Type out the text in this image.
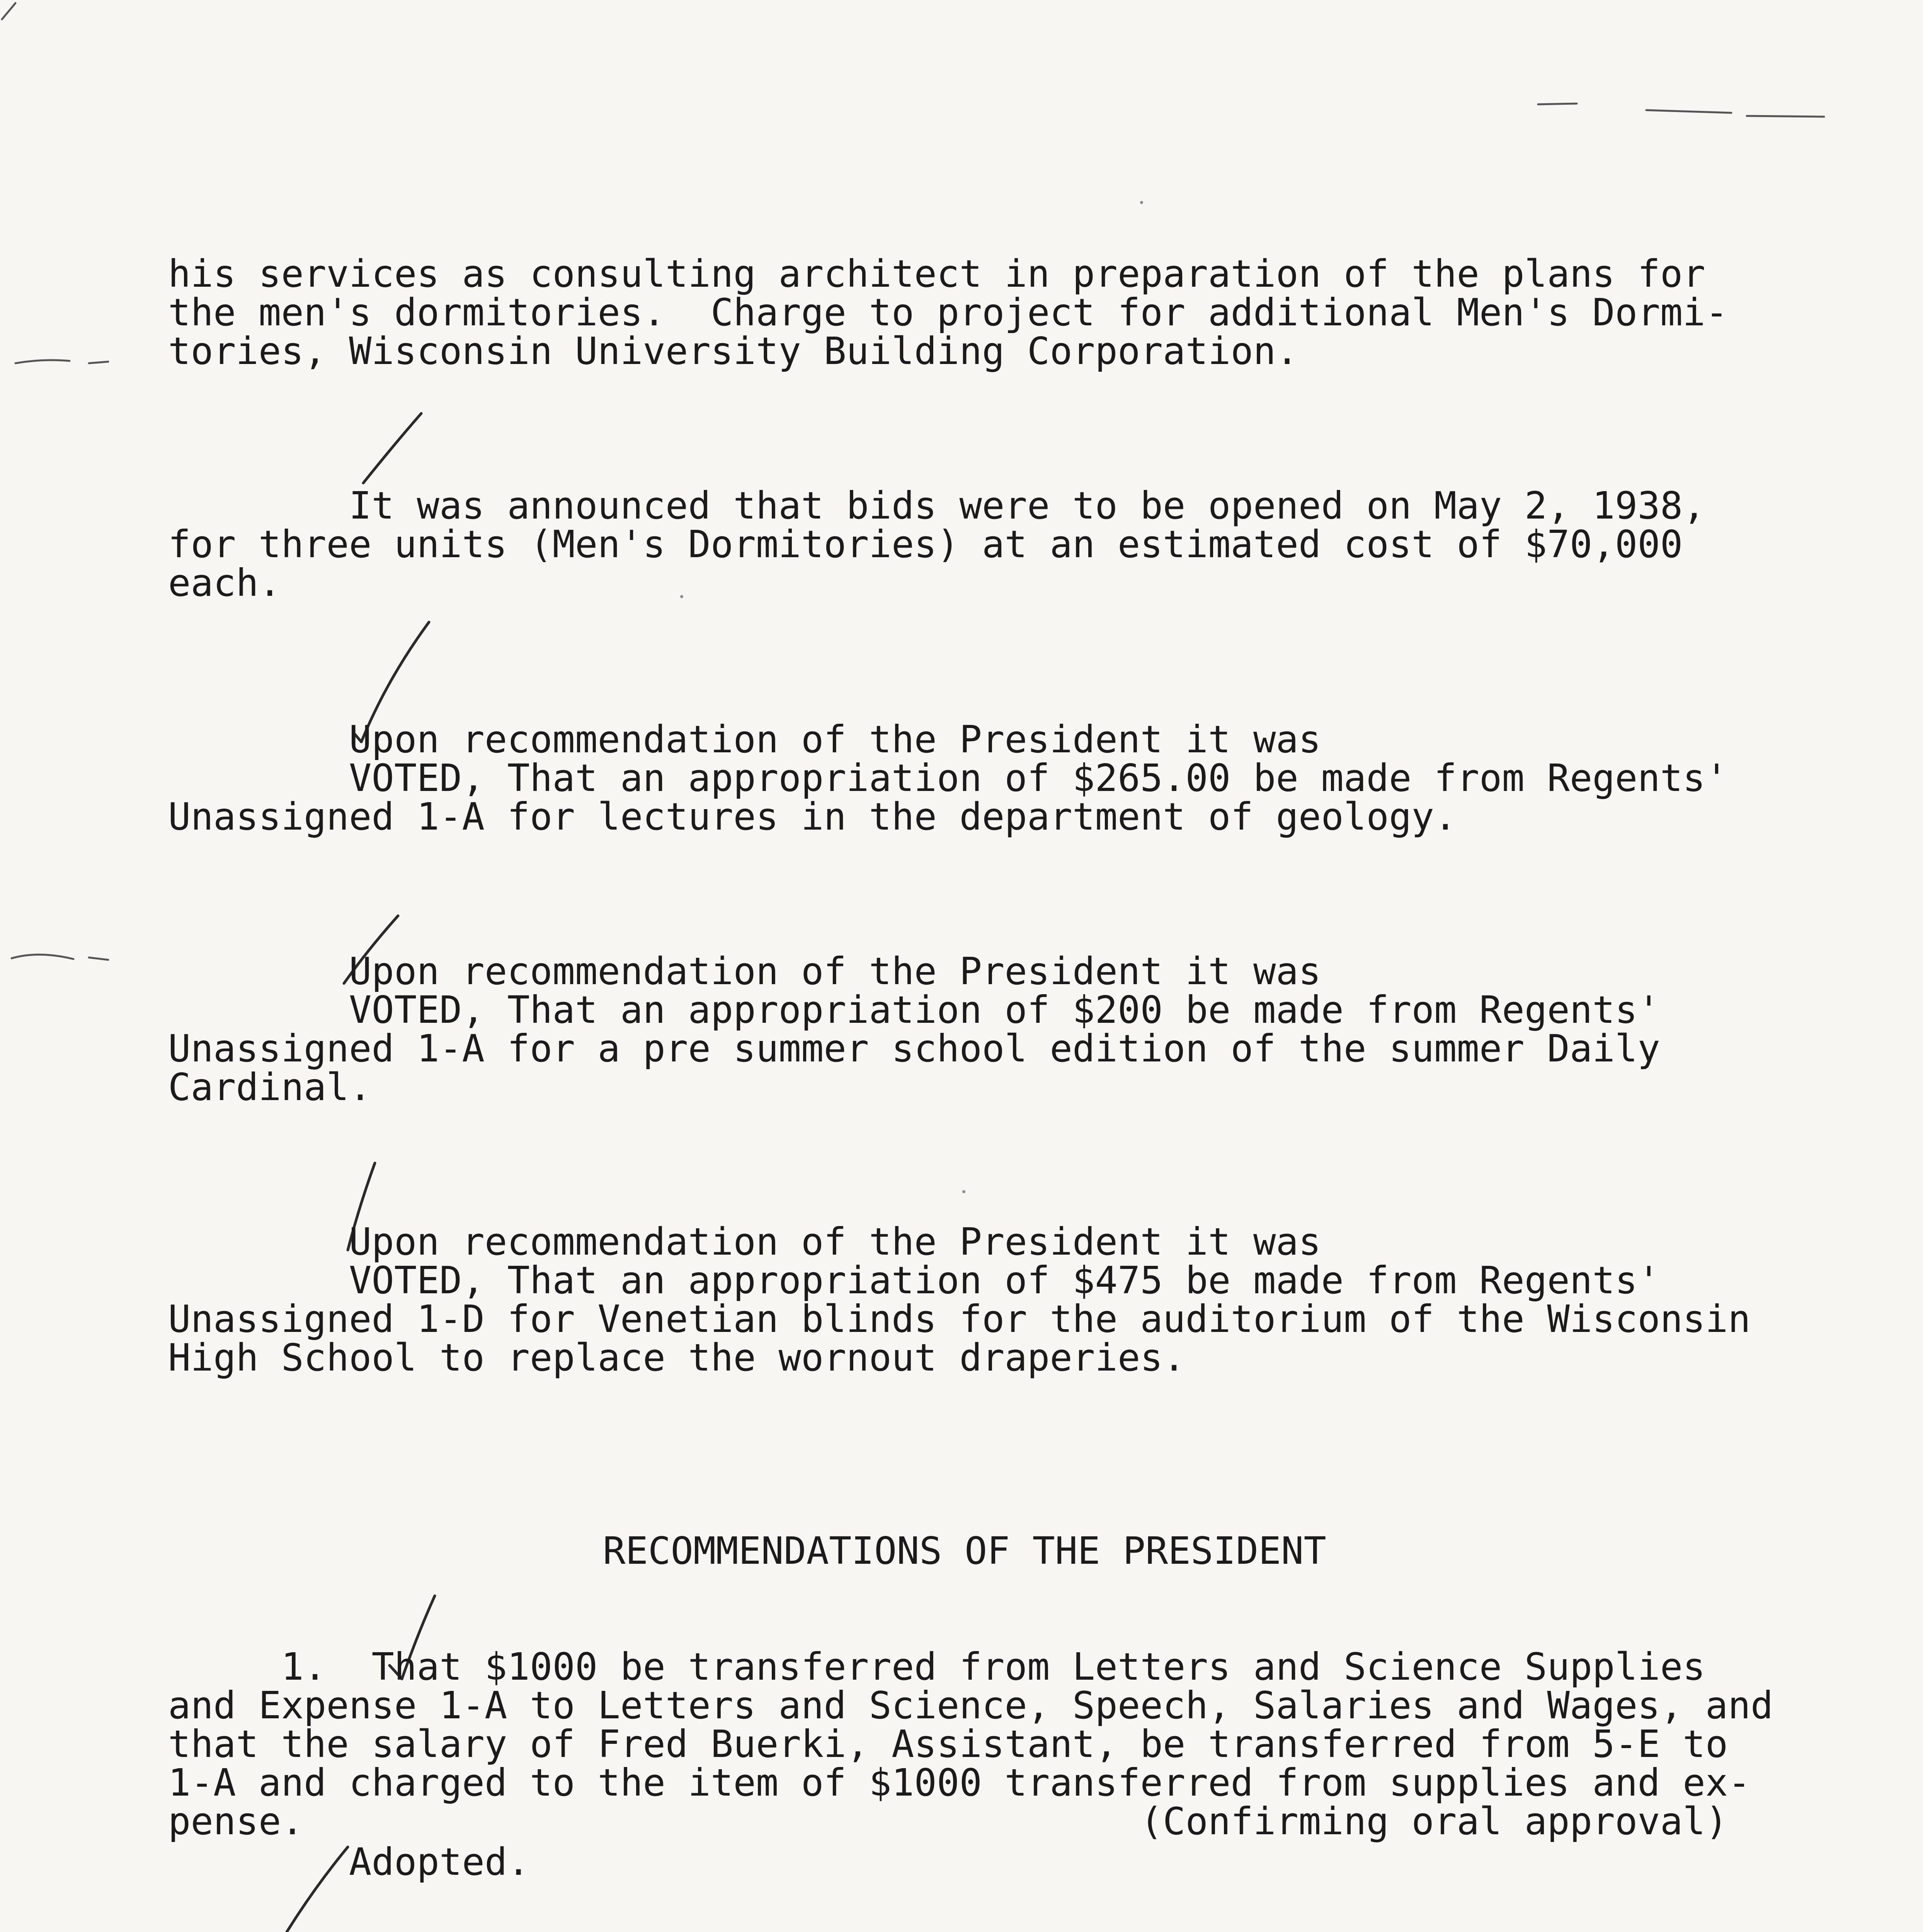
his services as consulting architect in preparation of the plans for
the men's dormitories.  Charge to project for additional Men's Dormi-
tories, Wisconsin University Building Corporation.
It was announced that bids were to be opened on May 2, 1938,
for three units (Men's Dormitories) at an estimated cost of $70,000
each.
Upon recommendation of the President it was
VOTED, That an appropriation of $265.00 be made from Regents'
Unassigned 1-A for lectures in the department of geology.
Upon recommendation of the President it was
VOTED, That an appropriation of $200 be made from Regents'
Unassigned 1-A for a pre summer school edition of the summer Daily
Cardinal.
Upon recommendation of the President it was
VOTED, That an appropriation of $475 be made from Regents'
Unassigned 1-D for Venetian blinds for the auditorium of the Wisconsin
High School to replace the wornout draperies.
RECOMMENDATIONS OF THE PRESIDENT
1.  That $1000 be transferred from Letters and Science Supplies
and Expense 1-A to Letters and Science, Speech, Salaries and Wages, and
that the salary of Fred Buerki, Assistant, be transferred from 5-E to
1-A and charged to the item of $1000 transferred from supplies and ex-
pense.                                     (Confirming oral approval)
Adopted.
